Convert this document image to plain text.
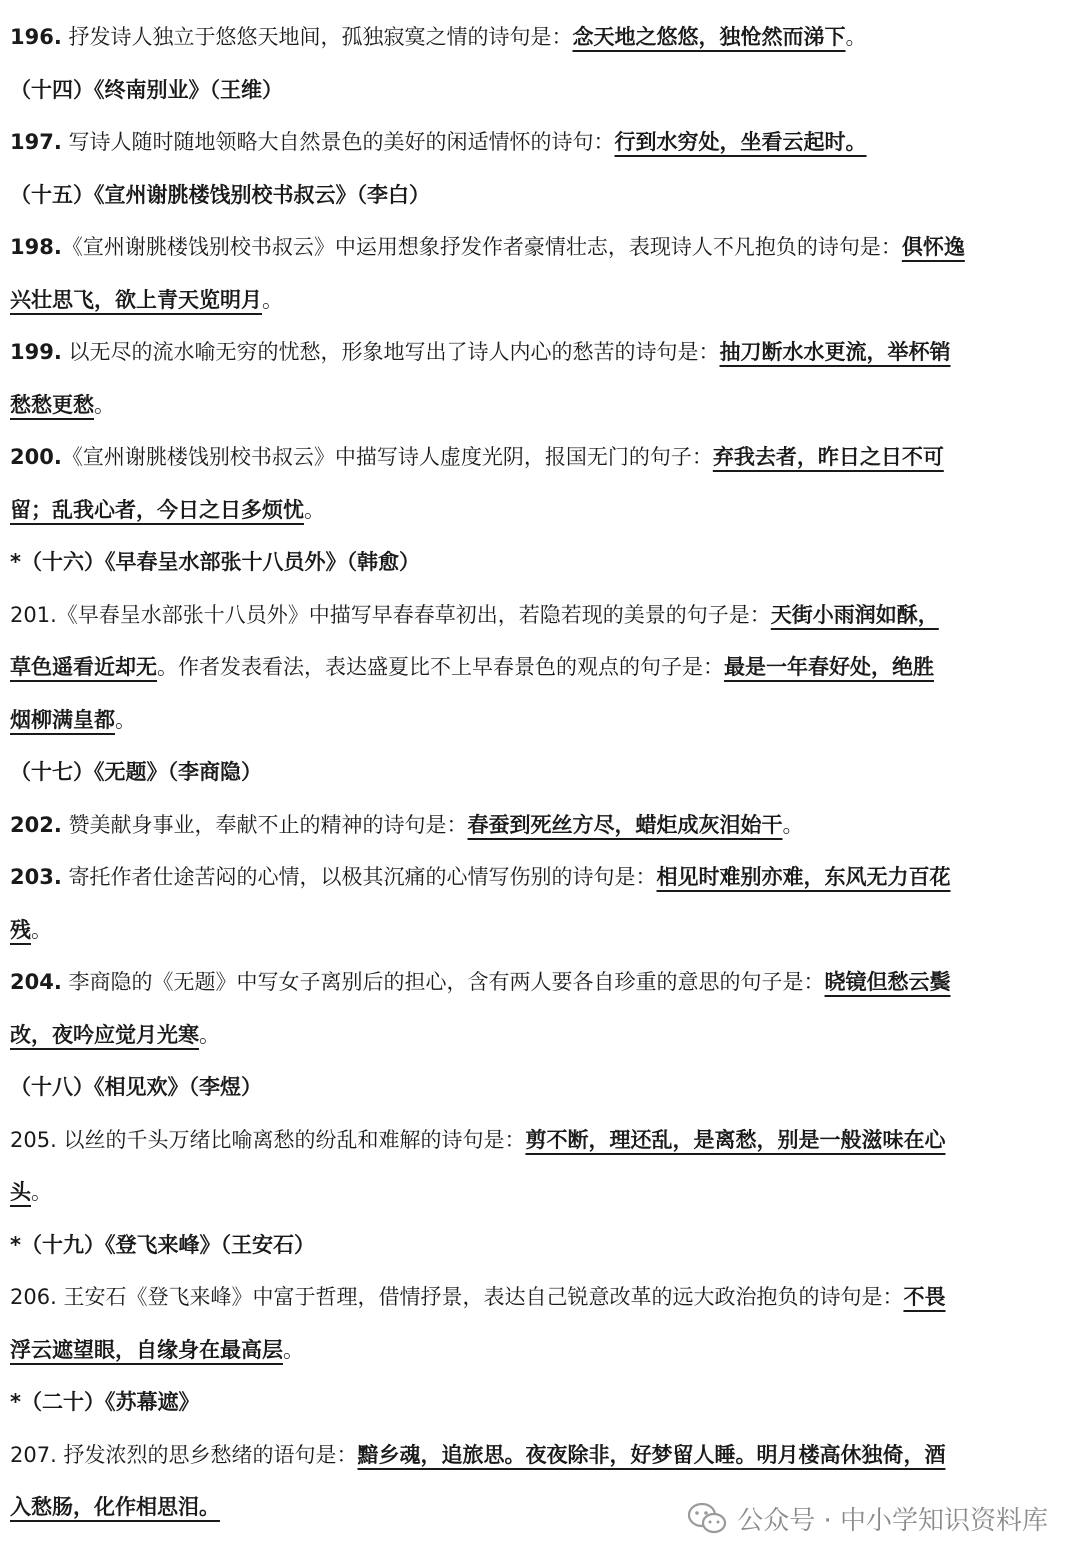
196 . 抒发诗人独立于悠悠天地间，孤独寂寞之情的诗句是：念天地之悠悠，独怆然而涕下。
（十四）《终南别业》（王维）
197 . 写诗人随时随地领略大自然景色的美好的闲适情怀的诗句：行到水穷处，坐看云起时。
（十五）《宣州谢朓楼饯别校书叔云》（李白）
198 . 《宣州谢朓楼饯别校书叔云》中运用想象抒发作者豪情壮志，表现诗人不凡抱负的诗句是：俱怀逸
兴壮思飞，欲上青天览明月。
199 . 以无尽的流水喻无穷的忧愁，形象地写出了诗人内心的愁苦的诗句是：抽刀断水水更流，举杯销
愁愁更愁。
200 . 《宣州谢朓楼饯别校书叔云》中描写诗人虚度光阴，报国无门的句子：弃我去者，昨日之日不可
留；乱我心者，今日之日多烦忧。
*（十六）《早春呈水部张十八员外》（韩愈）
201 . 《早春呈水部张十八员外》中描写早春春草初出，若隐若现的美景的句子是：天街小雨润如酥，
草色遥看近却无。作者发表看法，表达盛夏比不上早春景色的观点的句子是：最是一年春好处，绝胜
烟柳满皇都。
（十七）《无题》（李商隐）
202 . 赞美献身事业，奉献不止的精神的诗句是：春蚕到死丝方尽，蜡炬成灰泪始干。
203 . 寄托作者仕途苦闷的心情，以极其沉痛的心情写伤别的诗句是：相见时难别亦难，东风无力百花
残。
204 . 李商隐的《无题》中写女子离别后的担心，含有两人要各自珍重的意思的句子是：晓镜但愁云鬓
改，夜吟应觉月光寒。
（十八）《相见欢》（李煜）
205 . 以丝的千头万绪比喻离愁的纷乱和难解的诗句是：剪不断，理还乱，是离愁，别是一般滋味在心
头。
*（十九）《登飞来峰》（王安石）
206 . 王安石《登飞来峰》中富于哲理，借情抒景，表达自己锐意改革的远大政治抱负的诗句是：不畏
浮云遮望眼，自缘身在最高层。
*（二十）《苏幕遮》
207 . 抒发浓烈的思乡愁绪的语句是：黯乡魂，追旅思。夜夜除非，好梦留人睡。明月楼高休独倚，酒
入愁肠，化作相思泪。	公众号 · 中小学知识资料库
